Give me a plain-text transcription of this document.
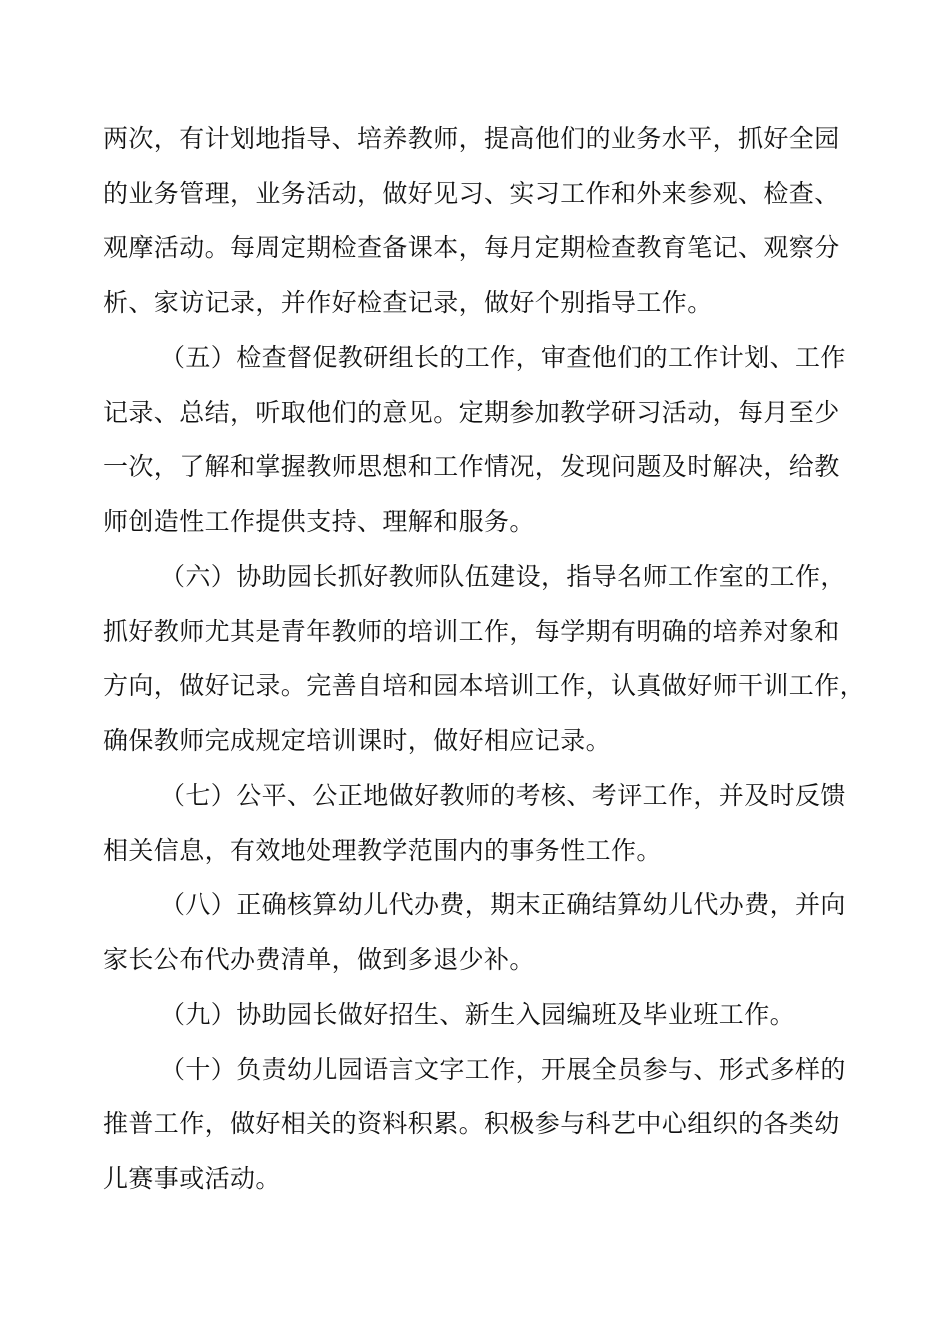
两次，有计划地指导、培养教师，提高他们的业务水平，抓好全园
的业务管理，业务活动，做好见习、实习工作和外来参观、检查、
观摩活动。每周定期检查备课本，每月定期检查教育笔记、观察分
析、家访记录，并作好检查记录，做好个别指导工作。
（五）检查督促教研组长的工作，审查他们的工作计划、工作
记录、总结，听取他们的意见。定期参加教学研习活动，每月至少
一次，了解和掌握教师思想和工作情况，发现问题及时解决，给教
师创造性工作提供支持、理解和服务。
（六）协助园长抓好教师队伍建设，指导名师工作室的工作，
抓好教师尤其是青年教师的培训工作，每学期有明确的培养对象和
方向，做好记录。完善自培和园本培训工作，认真做好师干训工作，
确保教师完成规定培训课时，做好相应记录。
（七）公平、公正地做好教师的考核、考评工作，并及时反馈
相关信息，有效地处理教学范围内的事务性工作。
（八）正确核算幼儿代办费，期末正确结算幼儿代办费，并向
家长公布代办费清单，做到多退少补。
（九）协助园长做好招生、新生入园编班及毕业班工作。
（十）负责幼儿园语言文字工作，开展全员参与、形式多样的
推普工作，做好相关的资料积累。积极参与科艺中心组织的各类幼
儿赛事或活动。
